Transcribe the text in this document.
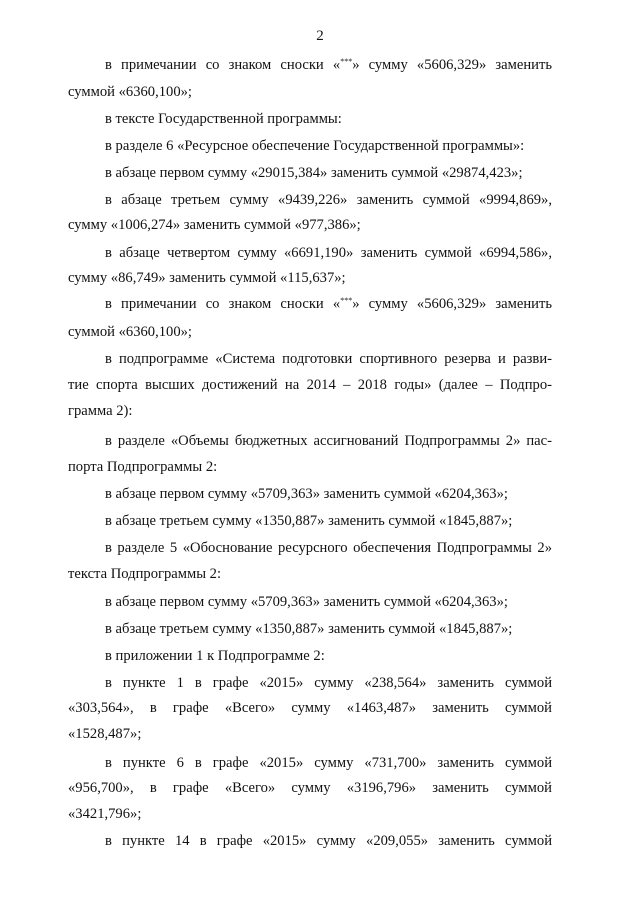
2
в примечании со знаком сноски «***» сумму «5606,329» заменить
суммой «6360,100»;
в тексте Государственной программы:
в разделе 6 «Ресурсное обеспечение Государственной программы»:
в абзаце первом сумму «29015,384» заменить суммой «29874,423»;
в абзаце третьем сумму «9439,226» заменить суммой «9994,869»,
сумму «1006,274» заменить суммой «977,386»;
в абзаце четвертом сумму «6691,190» заменить суммой «6994,586»,
сумму «86,749» заменить суммой «115,637»;
в примечании со знаком сноски «***» сумму «5606,329» заменить
суммой «6360,100»;
в подпрограмме «Система подготовки спортивного резерва и разви-
тие спорта высших достижений на 2014 – 2018 годы» (далее – Подпро-
грамма 2):
в разделе «Объемы бюджетных ассигнований Подпрограммы 2» пас-
порта Подпрограммы 2:
в абзаце первом сумму «5709,363» заменить суммой «6204,363»;
в абзаце третьем сумму «1350,887» заменить суммой «1845,887»;
в разделе 5 «Обоснование ресурсного обеспечения Подпрограммы 2»
текста Подпрограммы 2:
в абзаце первом сумму «5709,363» заменить суммой «6204,363»;
в абзаце третьем сумму «1350,887» заменить суммой «1845,887»;
в приложении 1 к Подпрограмме 2:
в пункте 1 в графе «2015» сумму «238,564» заменить суммой
«303,564», в графе «Всего» сумму «1463,487» заменить суммой
«1528,487»;
в пункте 6 в графе «2015» сумму «731,700» заменить суммой
«956,700», в графе «Всего» сумму «3196,796» заменить суммой
«3421,796»;
в пункте 14 в графе «2015» сумму «209,055» заменить суммой
